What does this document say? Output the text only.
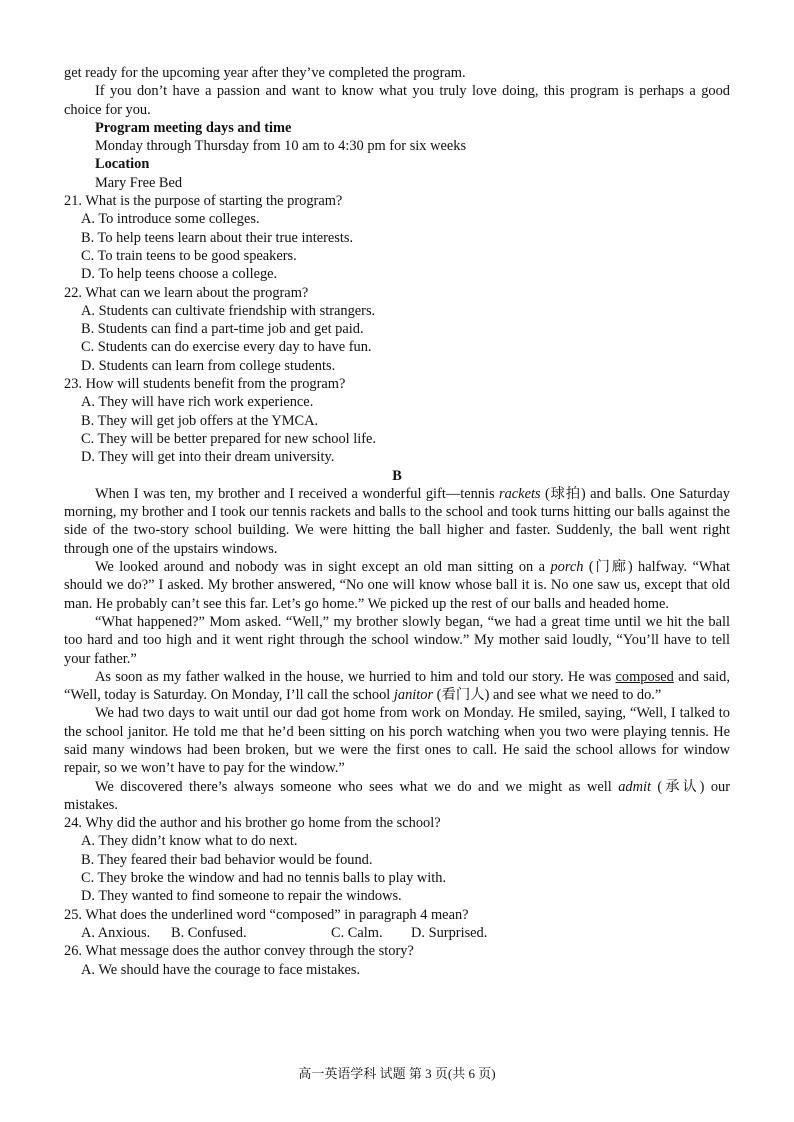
get ready for the upcoming year after they’ve completed the program.

If you don’t have a passion and want to know what you truly love doing, this program is perhaps a good choice for you.

Program meeting days and time

Monday through Thursday from 10 am to 4:30 pm for six weeks

Location

Mary Free Bed

21. What is the purpose of starting the program?

A. To introduce some colleges.

B. To help teens learn about their true interests.

C. To train teens to be good speakers.

D. To help teens choose a college.

22. What can we learn about the program?

A. Students can cultivate friendship with strangers.

B. Students can find a part-time job and get paid.

C. Students can do exercise every day to have fun.

D. Students can learn from college students.

23. How will students benefit from the program?

A. They will have rich work experience.

B. They will get job offers at the YMCA.

C. They will be better prepared for new school life.

D. They will get into their dream university.

B

When I was ten, my brother and I received a wonderful gift—tennis rackets (球拍) and balls. One Saturday morning, my brother and I took our tennis rackets and balls to the school and took turns hitting our balls against the side of the two-story school building. We were hitting the ball higher and faster. Suddenly, the ball went right through one of the upstairs windows.

We looked around and nobody was in sight except an old man sitting on a porch (门廊) halfway. “What should we do?” I asked. My brother answered, “No one will know whose ball it is. No one saw us, except that old man. He probably can’t see this far. Let’s go home.” We picked up the rest of our balls and headed home.

“What happened?” Mom asked. “Well,” my brother slowly began, “we had a great time until we hit the ball too hard and too high and it went right through the school window.” My mother said loudly, “You’ll have to tell your father.”

As soon as my father walked in the house, we hurried to him and told our story. He was composed and said, “Well, today is Saturday. On Monday, I’ll call the school janitor (看门人) and see what we need to do.”

We had two days to wait until our dad got home from work on Monday. He smiled, saying, “Well, I talked to the school janitor. He told me that he’d been sitting on his porch watching when you two were playing tennis. He said many windows had been broken, but we were the first ones to call. He said the school allows for window repair, so we won’t have to pay for the window.”

We discovered there’s always someone who sees what we do and we might as well admit (承认) our mistakes.

24. Why did the author and his brother go home from the school?

A. They didn’t know what to do next.

B. They feared their bad behavior would be found.

C. They broke the window and had no tennis balls to play with.

D. They wanted to find someone to repair the windows.

25. What does the underlined word “composed” in paragraph 4 mean?

A. Anxious. B. Confused.	C. Calm. D. Surprised.

26. What message does the author convey through the story?

A. We should have the courage to face mistakes.

高一英语学科 试题 第 3 页(共 6 页)
